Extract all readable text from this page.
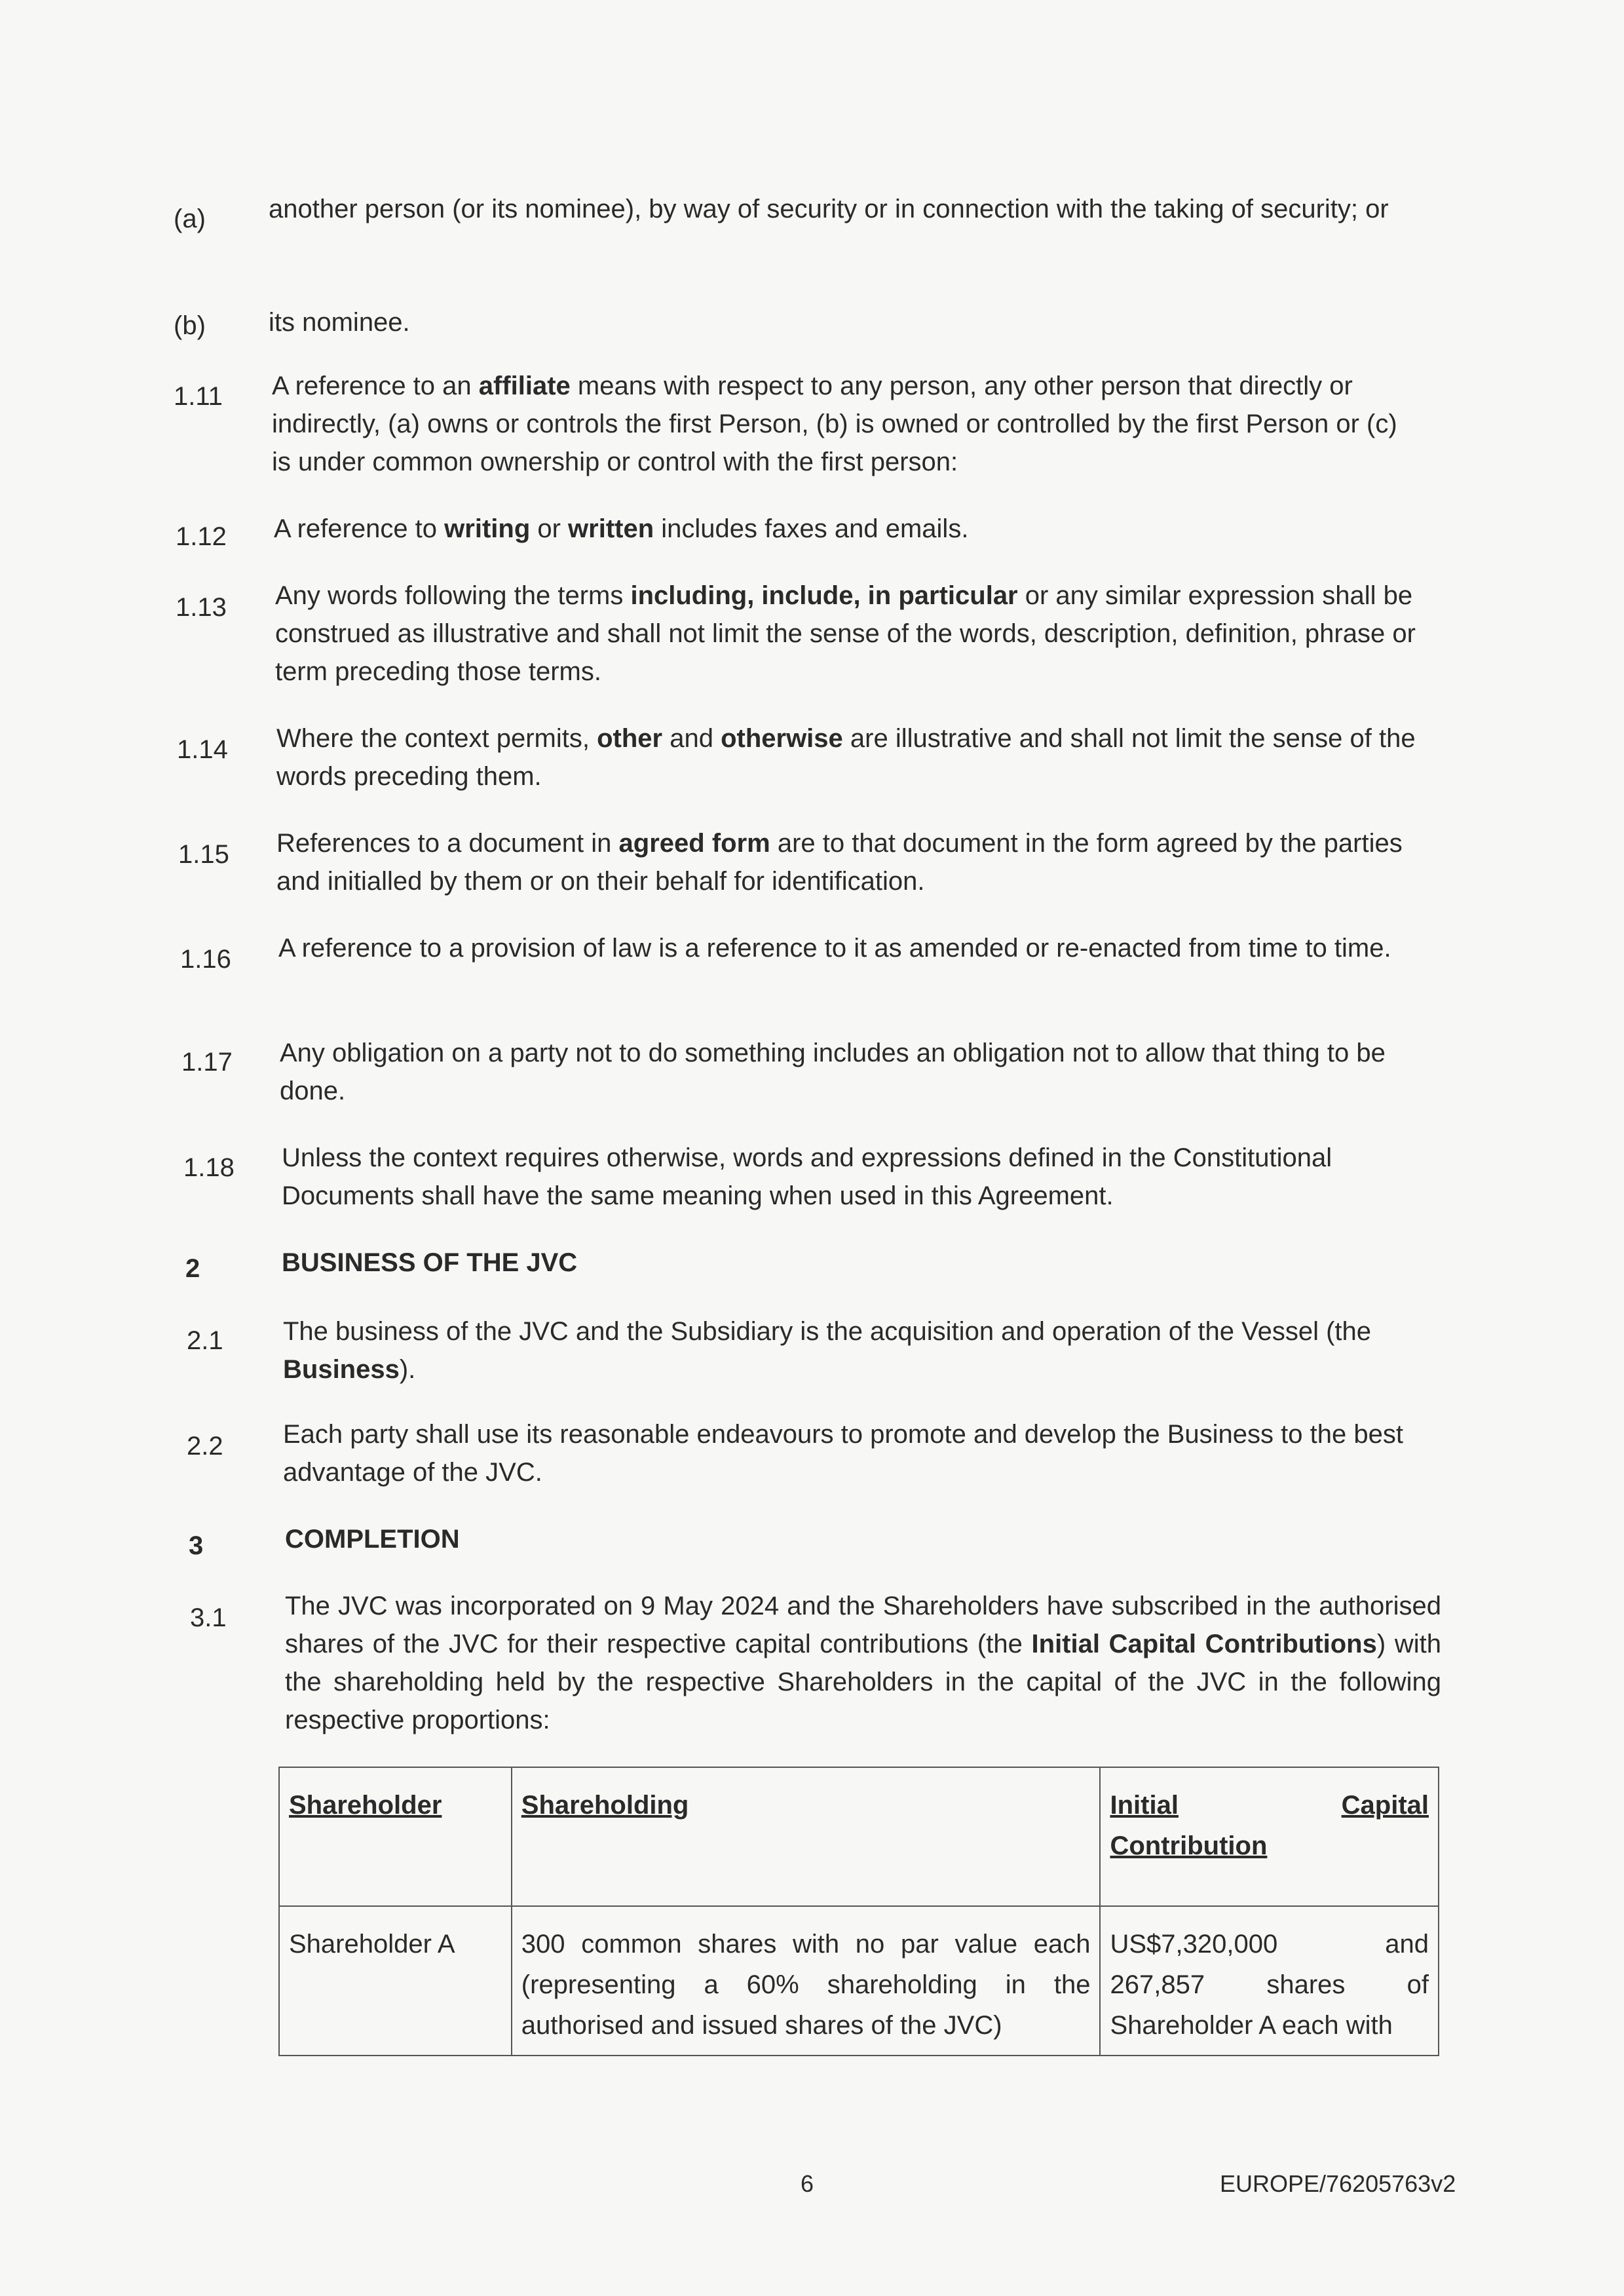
(a) another person (or its nominee), by way of security or in connection with the taking of security; or
(b) its nominee.
1.11 A reference to an affiliate means with respect to any person, any other person that directly or indirectly, (a) owns or controls the first Person, (b) is owned or controlled by the first Person or (c) is under common ownership or control with the first person:
1.12 A reference to writing or written includes faxes and emails.
1.13 Any words following the terms including, include, in particular or any similar expression shall be construed as illustrative and shall not limit the sense of the words, description, definition, phrase or term preceding those terms.
1.14 Where the context permits, other and otherwise are illustrative and shall not limit the sense of the words preceding them.
1.15 References to a document in agreed form are to that document in the form agreed by the parties and initialled by them or on their behalf for identification.
1.16 A reference to a provision of law is a reference to it as amended or re-enacted from time to time.
1.17 Any obligation on a party not to do something includes an obligation not to allow that thing to be done.
1.18 Unless the context requires otherwise, words and expressions defined in the Constitutional Documents shall have the same meaning when used in this Agreement.
2	BUSINESS OF THE JVC
2.1 The business of the JVC and the Subsidiary is the acquisition and operation of the Vessel (the Business).
2.2 Each party shall use its reasonable endeavours to promote and develop the Business to the best advantage of the JVC.
3	COMPLETION
3.1 The JVC was incorporated on 9 May 2024 and the Shareholders have subscribed in the authorised shares of the JVC for their respective capital contributions (the Initial Capital Contributions) with the shareholding held by the respective Shareholders in the capital of the JVC in the following respective proportions:
Shareholder	Shareholding	Initial Capital
Contribution

Shareholder A	300 common shares with no par value each (representing a 60% shareholding in the authorised and issued shares of the JVC)	US$7,320,000 and 267,857 shares of Shareholder A each with
6	EUROPE/76205763v2
